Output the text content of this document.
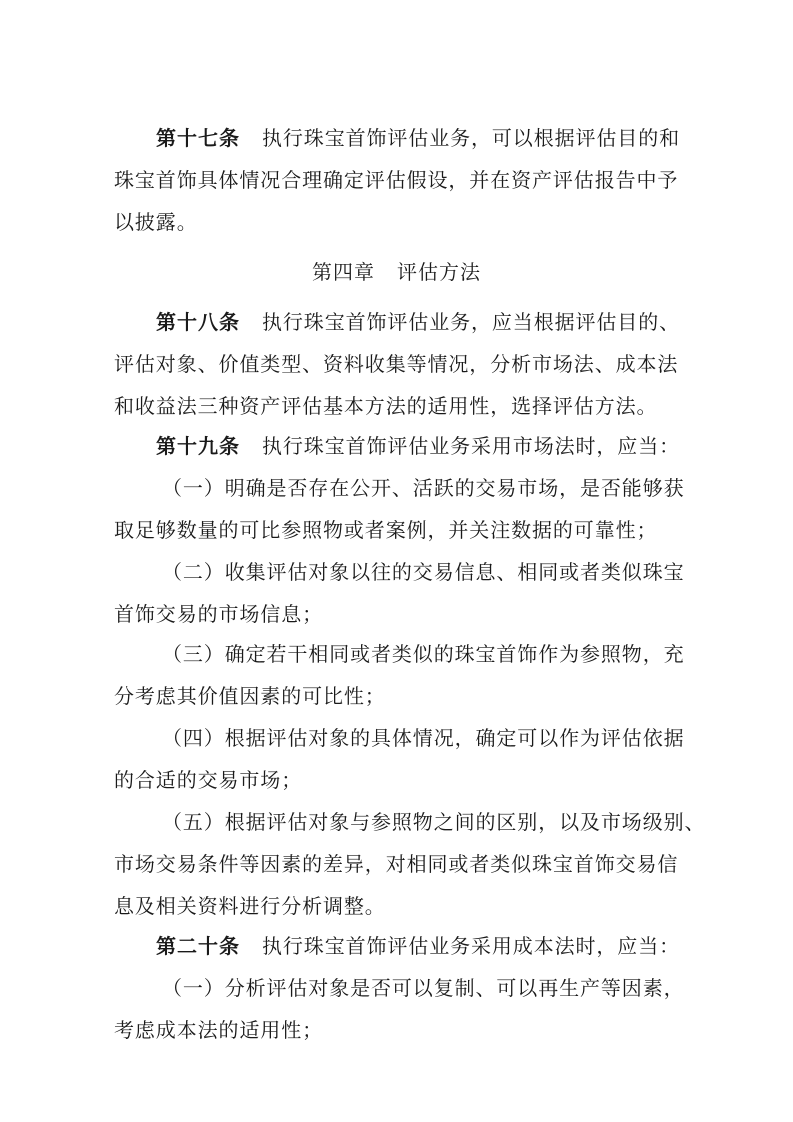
第十七条 执行珠宝首饰评估业务，可以根据评估目的和
珠宝首饰具体情况合理确定评估假设，并在资产评估报告中予
以披露。
第四章 评估方法
第十八条 执行珠宝首饰评估业务，应当根据评估目的、
评估对象、价值类型、资料收集等情况，分析市场法、成本法
和收益法三种资产评估基本方法的适用性，选择评估方法。
第十九条 执行珠宝首饰评估业务采用市场法时，应当：
（一）明确是否存在公开、活跃的交易市场，是否能够获
取足够数量的可比参照物或者案例，并关注数据的可靠性；
（二）收集评估对象以往的交易信息、相同或者类似珠宝
首饰交易的市场信息；
（三）确定若干相同或者类似的珠宝首饰作为参照物，充
分考虑其价值因素的可比性；
（四）根据评估对象的具体情况，确定可以作为评估依据
的合适的交易市场；
（五）根据评估对象与参照物之间的区别，以及市场级别、
市场交易条件等因素的差异，对相同或者类似珠宝首饰交易信
息及相关资料进行分析调整。
第二十条 执行珠宝首饰评估业务采用成本法时，应当：
（一）分析评估对象是否可以复制、可以再生产等因素，
考虑成本法的适用性；
